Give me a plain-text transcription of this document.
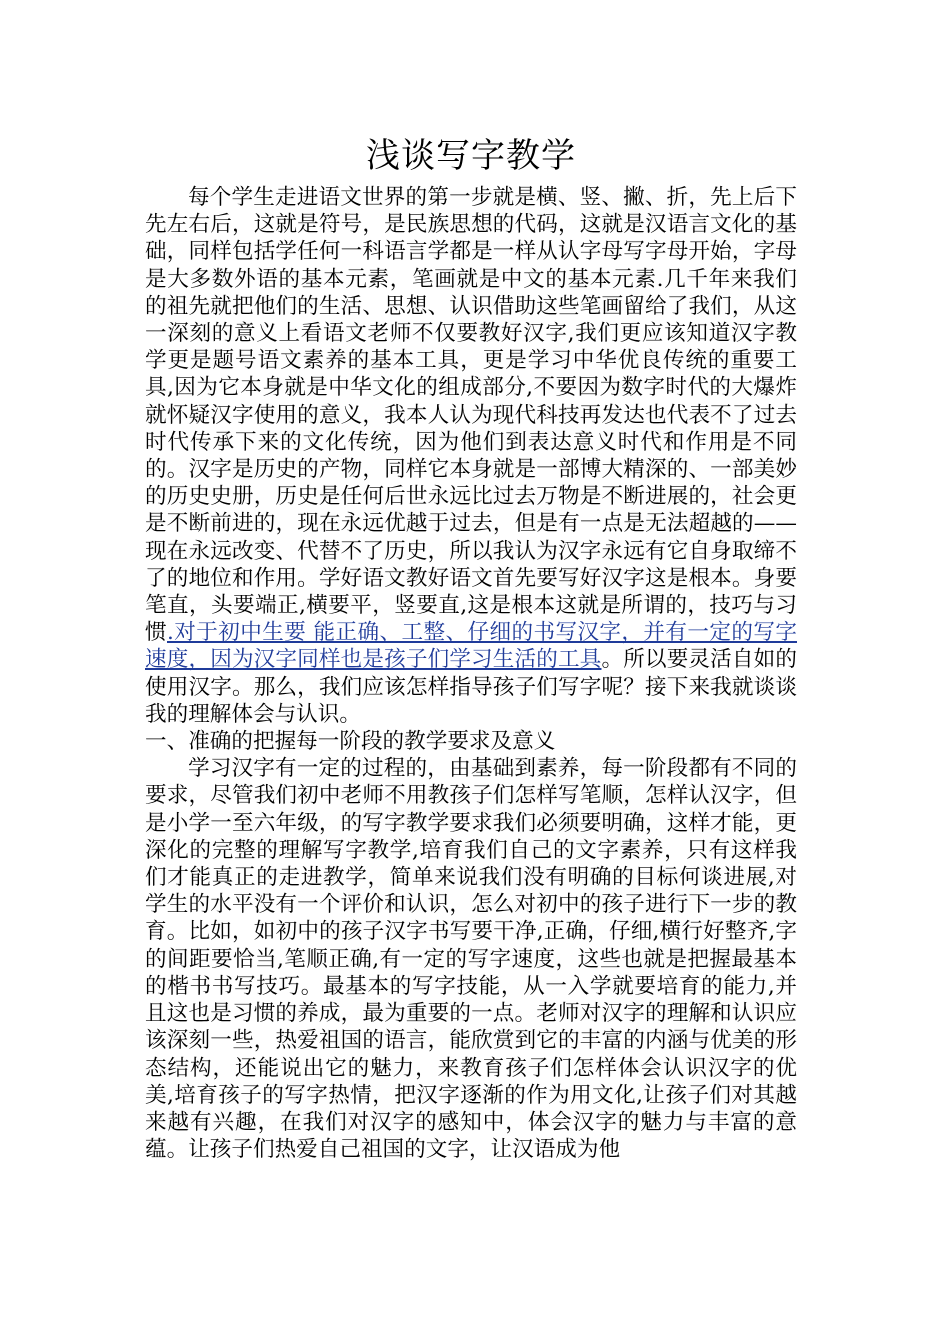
浅谈写字教学

每个学生走进语文世界的第一步就是横、竖、撇、折，先上后下先左右后，这就是符号，是民族思想的代码，这就是汉语言文化的基础，同样包括学任何一科语言学都是一样从认字母写字母开始，字母是大多数外语的基本元素，笔画就是中文的基本元素.几千年来我们的祖先就把他们的生活、思想、认识借助这些笔画留给了我们，从这一深刻的意义上看语文老师不仅要教好汉字,我们更应该知道汉字教学更是题号语文素养的基本工具，更是学习中华优良传统的重要工具,因为它本身就是中华文化的组成部分,不要因为数字时代的大爆炸就怀疑汉字使用的意义，我本人认为现代科技再发达也代表不了过去时代传承下来的文化传统，因为他们到表达意义时代和作用是不同的。汉字是历史的产物，同样它本身就是一部博大精深的、一部美妙的历史史册，历史是任何后世永远比过去万物是不断进展的，社会更是不断前进的，现在永远优越于过去，但是有一点是无法超越的——现在永远改变、代替不了历史，所以我认为汉字永远有它自身取缔不了的地位和作用。学好语文教好语文首先要写好汉字这是根本。身要笔直，头要端正,横要平，竖要直,这是根本这就是所谓的，技巧与习惯.对于初中生要 能正确、工整、仔细的书写汉字，并有一定的写字速度，因为汉字同样也是孩子们学习生活的工具。所以要灵活自如的使用汉字。那么，我们应该怎样指导孩子们写字呢？接下来我就谈谈我的理解体会与认识。

一、准确的把握每一阶段的教学要求及意义

学习汉字有一定的过程的，由基础到素养，每一阶段都有不同的要求，尽管我们初中老师不用教孩子们怎样写笔顺，怎样认汉字，但是小学一至六年级，的写字教学要求我们必须要明确，这样才能，更深化的完整的理解写字教学,培育我们自己的文字素养，只有这样我们才能真正的走进教学，简单来说我们没有明确的目标何谈进展,对学生的水平没有一个评价和认识，怎么对初中的孩子进行下一步的教育。比如，如初中的孩子汉字书写要干净,正确，仔细,横行好整齐,字的间距要恰当,笔顺正确,有一定的写字速度，这些也就是把握最基本的楷书书写技巧。最基本的写字技能，从一入学就要培育的能力,并且这也是习惯的养成，最为重要的一点。老师对汉字的理解和认识应该深刻一些，热爱祖国的语言，能欣赏到它的丰富的内涵与优美的形态结构，还能说出它的魅力，来教育孩子们怎样体会认识汉字的优美,培育孩子的写字热情，把汉字逐渐的作为用文化,让孩子们对其越来越有兴趣，在我们对汉字的感知中，体会汉字的魅力与丰富的意蕴。让孩子们热爱自己祖国的文字，让汉语成为他
